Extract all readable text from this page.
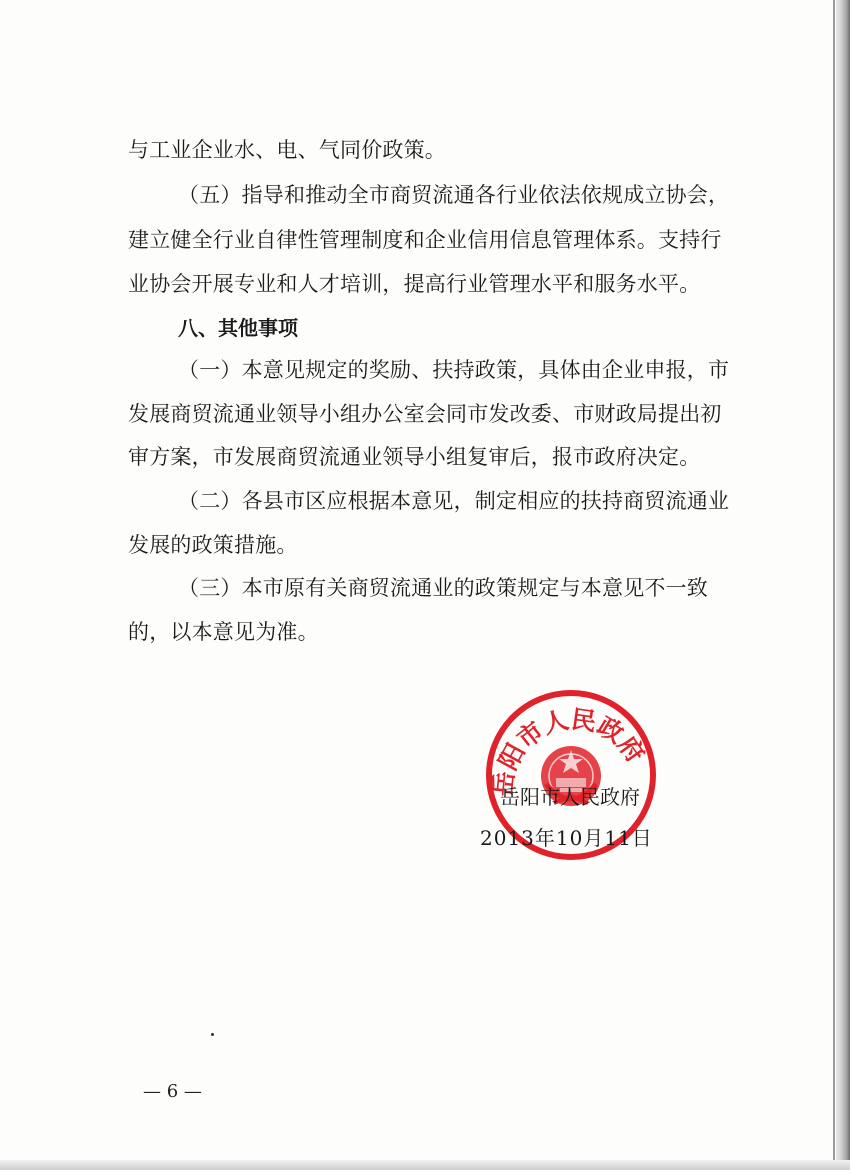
与工业企业水、电、气同价政策。
（五）指导和推动全市商贸流通各行业依法依规成立协会，
建立健全行业自律性管理制度和企业信用信息管理体系。支持行
业协会开展专业和人才培训，提高行业管理水平和服务水平。
八、其他事项
（一）本意见规定的奖励、扶持政策，具体由企业申报，市
发展商贸流通业领导小组办公室会同市发改委、市财政局提出初
审方案，市发展商贸流通业领导小组复审后，报市政府决定。
（二）各县市区应根据本意见，制定相应的扶持商贸流通业
发展的政策措施。
（三）本市原有关商贸流通业的政策规定与本意见不一致
的，以本意见为准。
岳阳市人民政府
岳阳市人民政府
2013年10月11日
— 6 —
